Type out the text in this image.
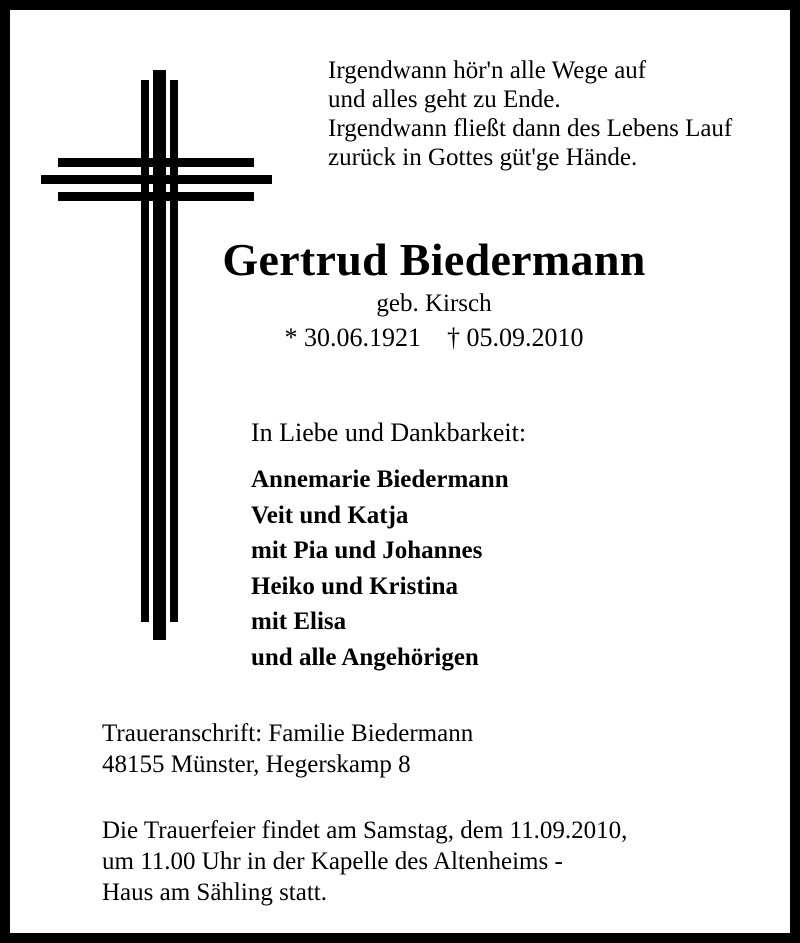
Irgendwann hör'n alle Wege auf
und alles geht zu Ende.
Irgendwann fließt dann des Lebens Lauf
zurück in Gottes güt'ge Hände.
Gertrud Biedermann
geb. Kirsch
* 30.06.1921 † 05.09.2010
In Liebe und Dankbarkeit:
Annemarie Biedermann
Veit und Katja
mit Pia und Johannes
Heiko und Kristina
mit Elisa
und alle Angehörigen
Traueranschrift: Familie Biedermann
48155 Münster, Hegerskamp 8
Die Trauerfeier findet am Samstag, dem 11.09.2010,
um 11.00 Uhr in der Kapelle des Altenheims -
Haus am Sähling statt.
